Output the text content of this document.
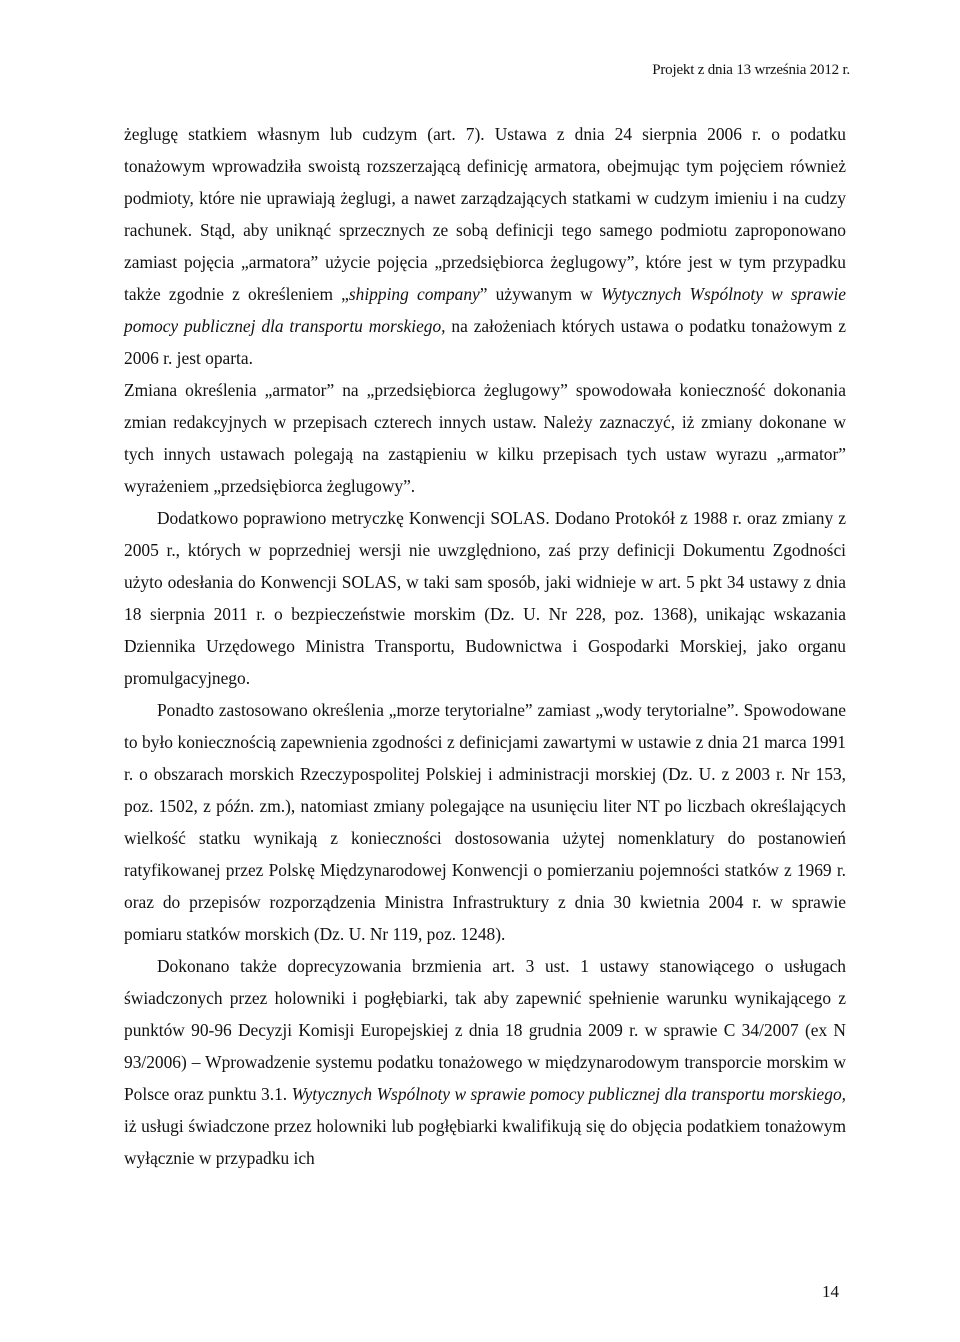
Projekt z dnia 13 września 2012 r.

żeglugę statkiem własnym lub cudzym (art. 7). Ustawa z dnia 24 sierpnia 2006 r. o podatku tonażowym wprowadziła swoistą rozszerzającą definicję armatora, obejmując tym pojęciem również podmioty, które nie uprawiają żeglugi, a nawet zarządzających statkami w cudzym imieniu i na cudzy rachunek. Stąd, aby uniknąć sprzecznych ze sobą definicji tego samego podmiotu zaproponowano zamiast pojęcia „armatora” użycie pojęcia „przedsiębiorca żeglugowy”, które jest w tym przypadku także zgodnie z określeniem „shipping company” używanym w Wytycznych Wspólnoty w sprawie pomocy publicznej dla transportu morskiego, na założeniach których ustawa o podatku tonażowym z 2006 r. jest oparta.

Zmiana określenia „armator” na „przedsiębiorca żeglugowy” spowodowała konieczność dokonania zmian redakcyjnych w przepisach czterech innych ustaw. Należy zaznaczyć, iż zmiany dokonane w tych innych ustawach polegają na zastąpieniu w kilku przepisach tych ustaw wyrazu „armator” wyrażeniem „przedsiębiorca żeglugowy”.

Dodatkowo poprawiono metryczkę Konwencji SOLAS. Dodano Protokół z 1988 r. oraz zmiany z 2005 r., których w poprzedniej wersji nie uwzględniono, zaś przy definicji Dokumentu Zgodności użyto odesłania do Konwencji SOLAS, w taki sam sposób, jaki widnieje w art. 5 pkt 34 ustawy z dnia 18 sierpnia 2011 r. o bezpieczeństwie morskim (Dz. U. Nr 228, poz. 1368), unikając wskazania Dziennika Urzędowego Ministra Transportu, Budownictwa i Gospodarki Morskiej, jako organu promulgacyjnego.

Ponadto zastosowano określenia „morze terytorialne” zamiast „wody terytorialne”. Spowodowane to było koniecznością zapewnienia zgodności z definicjami zawartymi w ustawie z dnia 21 marca 1991 r. o obszarach morskich Rzeczypospolitej Polskiej i administracji morskiej (Dz. U. z 2003 r. Nr 153, poz. 1502, z późn. zm.), natomiast zmiany polegające na usunięciu liter NT po liczbach określających wielkość statku wynikają z konieczności dostosowania użytej nomenklatury do postanowień ratyfikowanej przez Polskę Międzynarodowej Konwencji o pomierzaniu pojemności statków z 1969 r. oraz do przepisów rozporządzenia Ministra Infrastruktury z dnia 30 kwietnia 2004 r. w sprawie pomiaru statków morskich (Dz. U. Nr 119, poz. 1248).

Dokonano także doprecyzowania brzmienia art. 3 ust. 1 ustawy stanowiącego o usługach świadczonych przez holowniki i pogłębiarki, tak aby zapewnić spełnienie warunku wynikającego z punktów 90-96 Decyzji Komisji Europejskiej z dnia 18 grudnia 2009 r. w sprawie C 34/2007 (ex N 93/2006) – Wprowadzenie systemu podatku tonażowego w międzynarodowym transporcie morskim w Polsce oraz punktu 3.1. Wytycznych Wspólnoty w sprawie pomocy publicznej dla transportu morskiego, iż usługi świadczone przez holowniki lub pogłębiarki kwalifikują się do objęcia podatkiem tonażowym wyłącznie w przypadku ich

14
